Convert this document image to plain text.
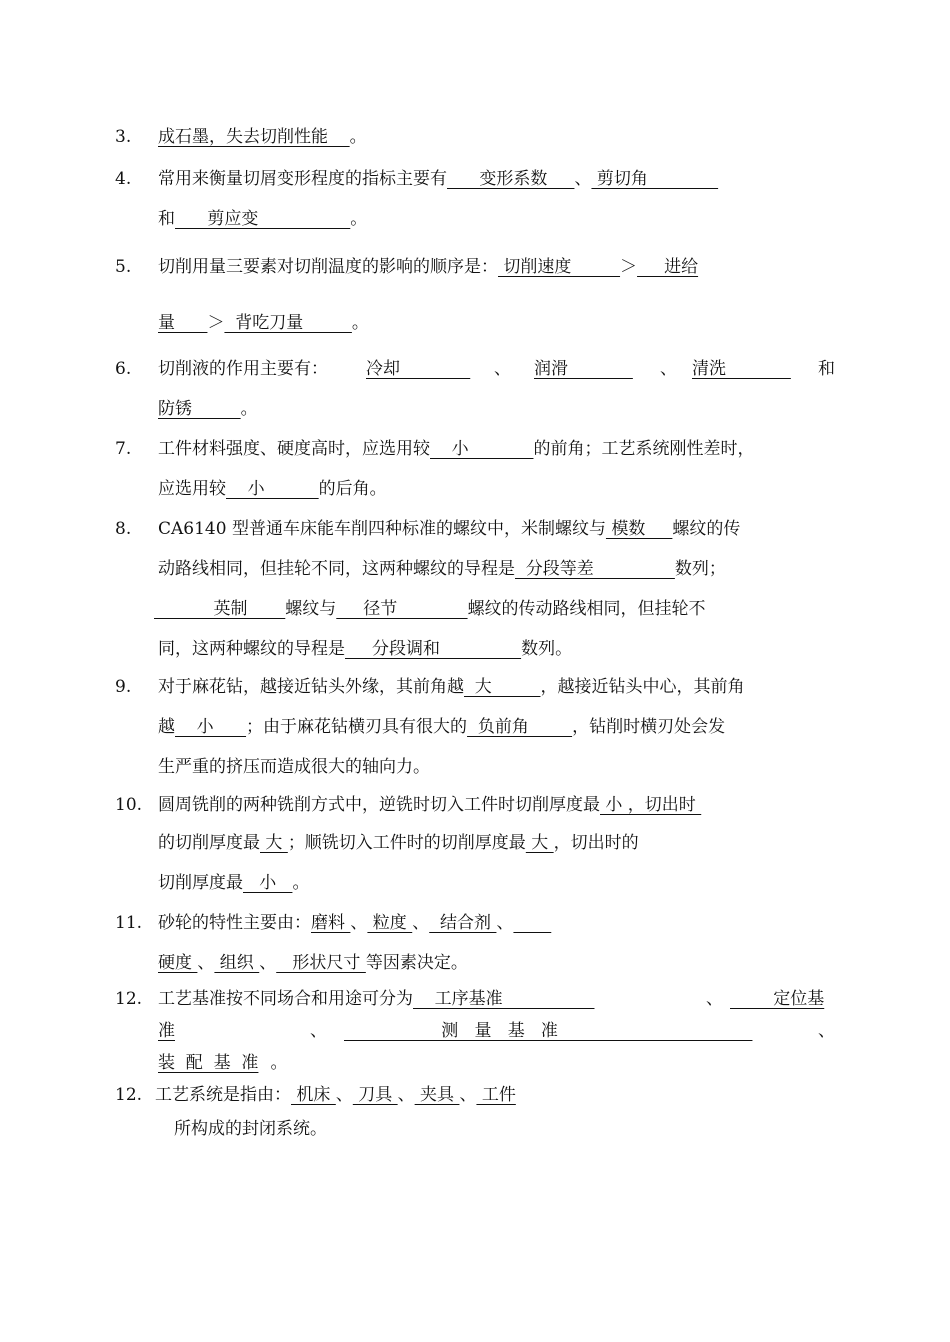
3. 成石墨，失去切削性能 。
4. 常用来衡量切屑变形程度的指标主要有      变形系数     、 剪切角
和      剪应变                 。
5. 切削用量三要素对切削温度的影响的顺序是： 切削速度         ＞     进给
量      ＞  背吃刀量         。
6. 切削液的作用主要有： 冷却 、 润滑 、 清洗 和
防锈         。
7. 工件材料强度、硬度高时，应选用较    小            的前角；工艺系统刚性差时，
应选用较    小          的后角。
8. CA6140 型普通车床能车削四种标准的螺纹中，米制螺纹与 模数     螺纹的传
动路线相同，但挂轮不同，这两种螺纹的导程是  分段等差               数列；
英制       螺纹与     径节             螺纹的传动路线相同，但挂轮不
同，这两种螺纹的导程是     分段调和               数列。
9. 对于麻花钻，越接近钻头外缘，其前角越  大         ，越接近钻头中心，其前角
越    小      ；由于麻花钻横刃具有很大的  负前角        ，钻削时横刃处会发
生严重的挤压而造成很大的轴向力。
10. 圆周铣削的两种铣削方式中，逆铣时切入工件时切削厚度最 小 ，切出时
的切削厚度最 大 ；顺铣切入工件时的切削厚度最 大 ，切出时的
切削厚度最   小   。
11. 砂轮的特性主要由：磨料 、 粒度 、  结合剂 、
硬度 、 组织 、   形状尺寸 等因素决定。
12. 工艺基准按不同场合和用途可分为    工序基准	、 定位基
准	、 测   量   基   准	、
装  配  基  准 。
12. 工艺系统是指由： 机床 、 刀具 、 夹具 、 工件
所构成的封闭系统。
